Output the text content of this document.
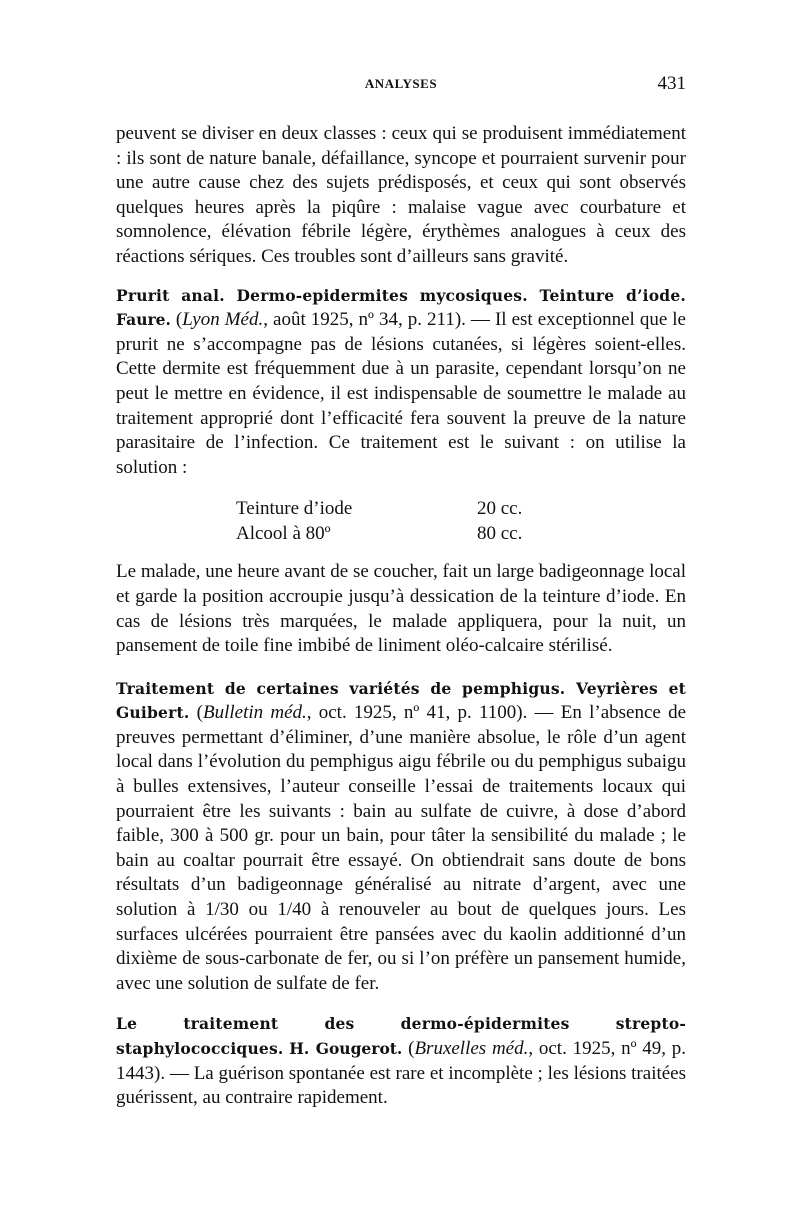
ANALYSES	431

peuvent se diviser en deux classes : ceux qui se produisent immédiatement : ils sont de nature banale, défaillance, syncope et pourraient survenir pour une autre cause chez des sujets prédisposés, et ceux qui sont observés quelques heures après la piqûre : malaise vague avec courbature et somnolence, élévation fébrile légère, érythèmes analogues à ceux des réactions sériques. Ces troubles sont d’ailleurs sans gravité.

Prurit anal. Dermo-epidermites mycosiques. Teinture d’iode. Faure. (Lyon Méd., août 1925, nº 34, p. 211). — Il est exceptionnel que le prurit ne s’accompagne pas de lésions cutanées, si légères soient-elles. Cette dermite est fréquemment due à un parasite, cependant lorsqu’on ne peut le mettre en évidence, il est indispensable de soumettre le malade au traitement approprié dont l’efficacité fera souvent la preuve de la nature parasitaire de l’infection. Ce traitement est le suivant : on utilise la solution :

Teinture d’iode	20 cc.
Alcool à 80º	80 cc.

Le malade, une heure avant de se coucher, fait un large badigeonnage local et garde la position accroupie jusqu’à dessication de la teinture d’iode. En cas de lésions très marquées, le malade appliquera, pour la nuit, un pansement de toile fine imbibé de liniment oléo-calcaire stérilisé.

Traitement de certaines variétés de pemphigus. Veyrières et Guibert. (Bulletin méd., oct. 1925, nº 41, p. 1100). — En l’absence de preuves permettant d’éliminer, d’une manière absolue, le rôle d’un agent local dans l’évolution du pemphigus aigu fébrile ou du pemphigus subaigu à bulles extensives, l’auteur conseille l’essai de traitements locaux qui pourraient être les suivants : bain au sulfate de cuivre, à dose d’abord faible, 300 à 500 gr. pour un bain, pour tâter la sensibilité du malade ; le bain au coaltar pourrait être essayé. On obtiendrait sans doute de bons résultats d’un badigeonnage généralisé au nitrate d’argent, avec une solution à 1/30 ou 1/40 à renouveler au bout de quelques jours. Les surfaces ulcérées pourraient être pansées avec du kaolin additionné d’un dixième de sous-carbonate de fer, ou si l’on préfère un pansement humide, avec une solution de sulfate de fer.

Le traitement des dermo-épidermites strepto-staphylococciques. H. Gougerot. (Bruxelles méd., oct. 1925, nº 49, p. 1443). — La guérison spontanée est rare et incomplète ; les lésions traitées guérissent, au contraire rapidement.
